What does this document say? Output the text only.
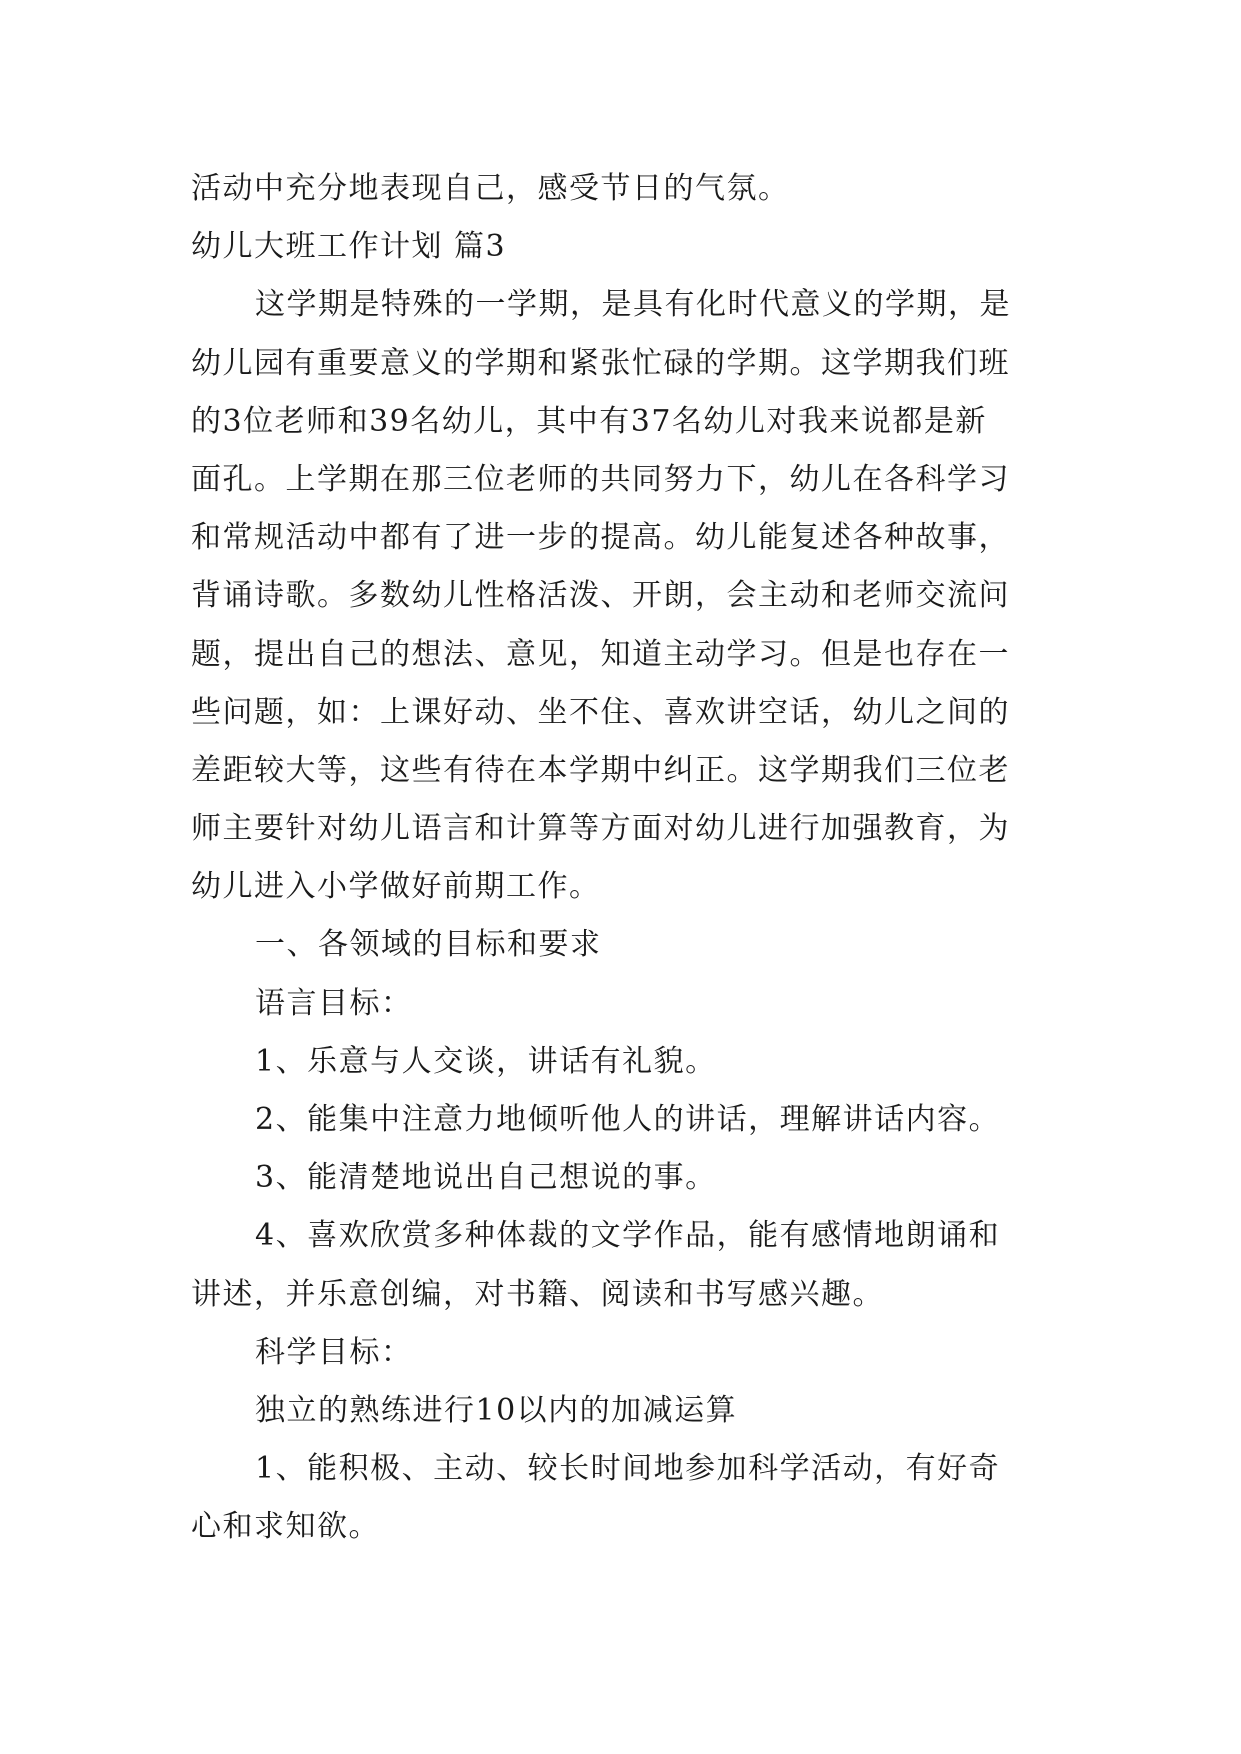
活动中充分地表现自己，感受节日的气氛。
幼儿大班工作计划 篇3
这学期是特殊的一学期，是具有化时代意义的学期，是
幼儿园有重要意义的学期和紧张忙碌的学期。这学期我们班
的3位老师和39名幼儿，其中有37名幼儿对我来说都是新
面孔。上学期在那三位老师的共同努力下，幼儿在各科学习
和常规活动中都有了进一步的提高。幼儿能复述各种故事，
背诵诗歌。多数幼儿性格活泼、开朗，会主动和老师交流问
题，提出自己的想法、意见，知道主动学习。但是也存在一
些问题，如：上课好动、坐不住、喜欢讲空话，幼儿之间的
差距较大等，这些有待在本学期中纠正。这学期我们三位老
师主要针对幼儿语言和计算等方面对幼儿进行加强教育，为
幼儿进入小学做好前期工作。
一、各领域的目标和要求
语言目标：
1、乐意与人交谈，讲话有礼貌。
2、能集中注意力地倾听他人的讲话，理解讲话内容。
3、能清楚地说出自己想说的事。
4、喜欢欣赏多种体裁的文学作品，能有感情地朗诵和
讲述，并乐意创编，对书籍、阅读和书写感兴趣。
科学目标：
独立的熟练进行10以内的加减运算
1、能积极、主动、较长时间地参加科学活动，有好奇
心和求知欲。
